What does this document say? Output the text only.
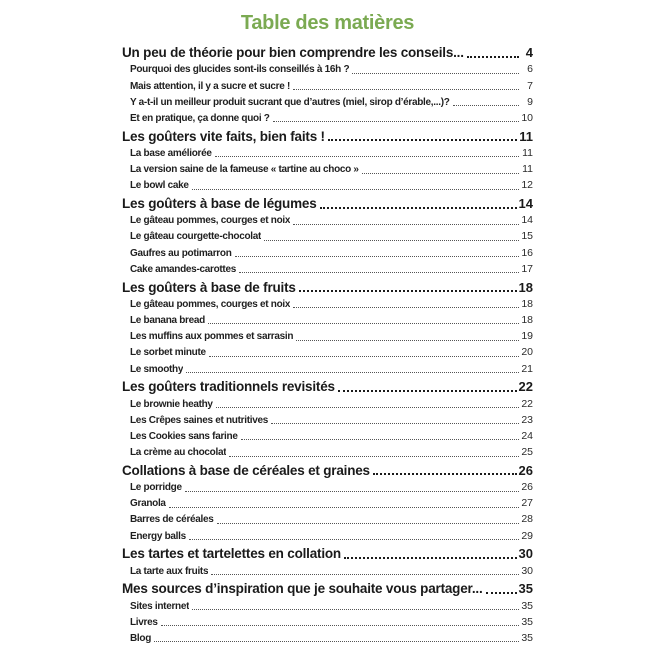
Table des matières
Un peu de théorie pour bien comprendre les conseils...	4
Pourquoi des glucides sont-ils conseillés à 16h ?	6
Mais attention, il y a sucre et sucre !	7
Y a-t-il un meilleur produit sucrant que d’autres (miel, sirop d’érable,...)?	9
Et en pratique, ça donne quoi ?	10
Les goûters vite faits, bien faits !	11
La base améliorée	11
La version saine de la fameuse « tartine au choco »	11
Le bowl cake	12
Les goûters à base de légumes	14
Le gâteau pommes, courges et noix	14
Le gâteau courgette-chocolat	15
Gaufres au potimarron	16
Cake amandes-carottes	17
Les goûters à base de fruits	18
Le gâteau pommes, courges et noix	18
Le banana bread	18
Les muffins aux pommes et sarrasin	19
Le sorbet minute	20
Le smoothy	21
Les goûters traditionnels revisités	22
Le brownie heathy	22
Les Crêpes saines et nutritives	23
Les Cookies sans farine	24
La crème au chocolat	25
Collations à base de céréales et graines	26
Le porridge	26
Granola	27
Barres de céréales	28
Energy balls	29
Les tartes et tartelettes en collation	30
La tarte aux fruits	30
Mes sources d’inspiration que je souhaite vous partager...	35
Sites internet	35
Livres	35
Blog	35
